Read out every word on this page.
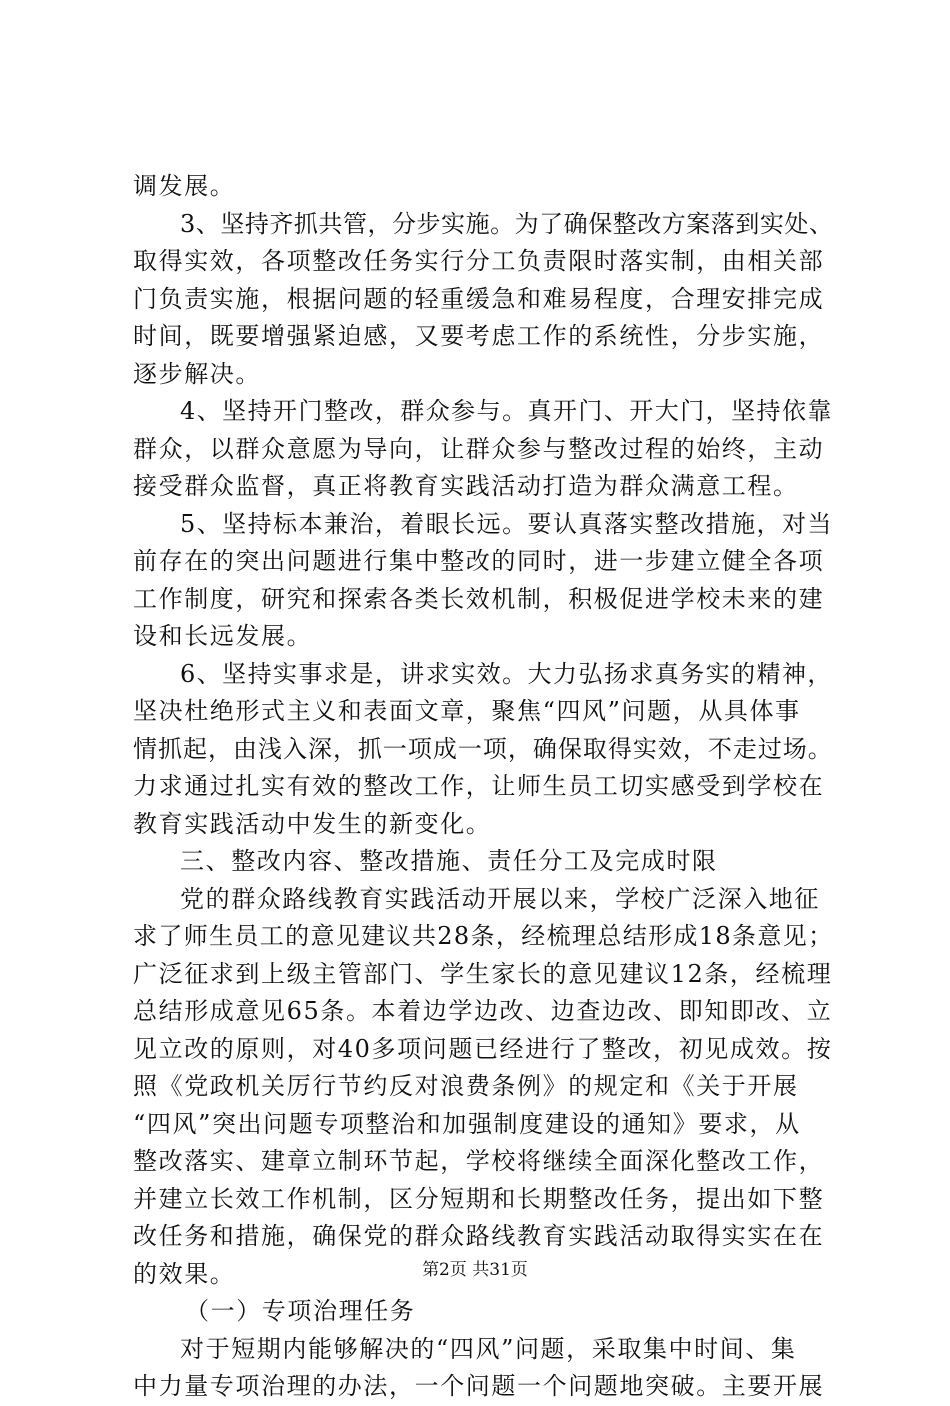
调发展。
3、坚持齐抓共管，分步实施。为了确保整改方案落到实处、
取得实效，各项整改任务实行分工负责限时落实制，由相关部
门负责实施，根据问题的轻重缓急和难易程度，合理安排完成
时间，既要增强紧迫感，又要考虑工作的系统性，分步实施，
逐步解决。
4、坚持开门整改，群众参与。真开门、开大门，坚持依靠
群众，以群众意愿为导向，让群众参与整改过程的始终，主动
接受群众监督，真正将教育实践活动打造为群众满意工程。
5、坚持标本兼治，着眼长远。要认真落实整改措施，对当
前存在的突出问题进行集中整改的同时，进一步建立健全各项
工作制度，研究和探索各类长效机制，积极促进学校未来的建
设和长远发展。
6、坚持实事求是，讲求实效。大力弘扬求真务实的精神，
坚决杜绝形式主义和表面文章，聚焦“四风”问题，从具体事
情抓起，由浅入深，抓一项成一项，确保取得实效，不走过场。
力求通过扎实有效的整改工作，让师生员工切实感受到学校在
教育实践活动中发生的新变化。
三、整改内容、整改措施、责任分工及完成时限
党的群众路线教育实践活动开展以来，学校广泛深入地征
求了师生员工的意见建议共28条，经梳理总结形成18条意见；
广泛征求到上级主管部门、学生家长的意见建议12条，经梳理
总结形成意见65条。本着边学边改、边查边改、即知即改、立
见立改的原则，对40多项问题已经进行了整改，初见成效。按
照《党政机关厉行节约反对浪费条例》的规定和《关于开展
“四风”突出问题专项整治和加强制度建设的通知》要求，从
整改落实、建章立制环节起，学校将继续全面深化整改工作，
并建立长效工作机制，区分短期和长期整改任务，提出如下整
改任务和措施，确保党的群众路线教育实践活动取得实实在在
的效果。
（一）专项治理任务
对于短期内能够解决的“四风”问题，采取集中时间、集
中力量专项治理的办法，一个问题一个问题地突破。主要开展
第2页 共31页
